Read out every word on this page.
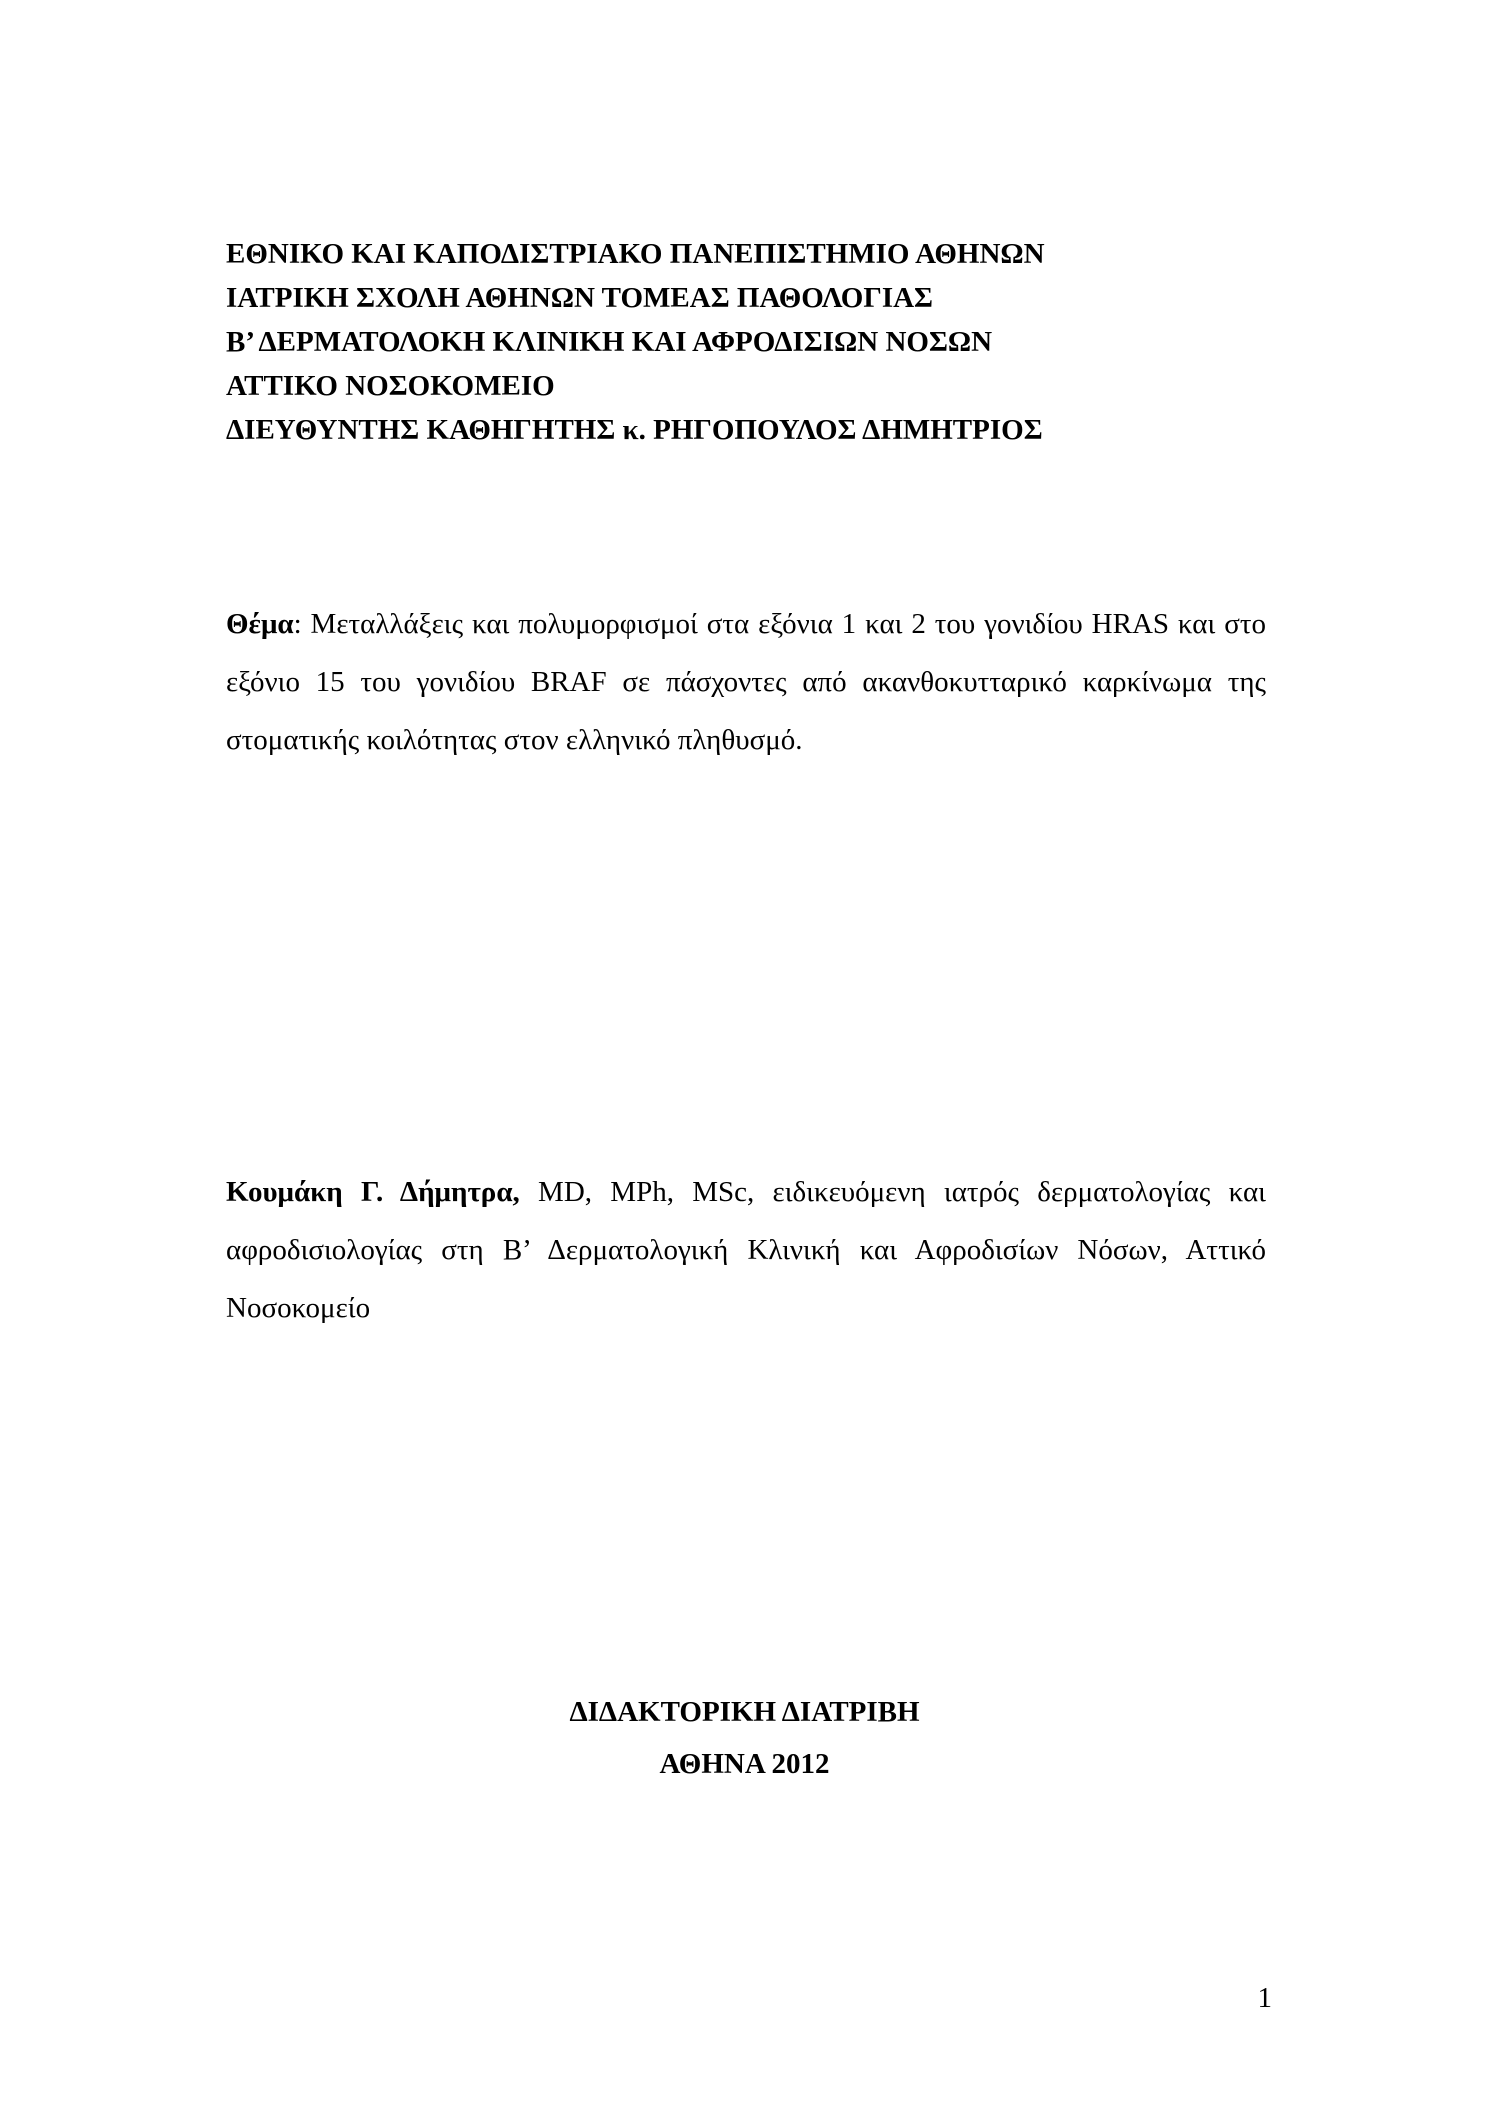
ΕΘΝΙΚΟ ΚΑΙ ΚΑΠΟΔΙΣΤΡΙΑΚΟ ΠΑΝΕΠΙΣΤΗΜΙΟ ΑΘΗΝΩΝ
ΙΑΤΡΙΚΗ ΣΧΟΛΗ ΑΘΗΝΩΝ ΤΟΜΕΑΣ ΠΑΘΟΛΟΓΙΑΣ
Β’ ΔΕΡΜΑΤΟΛΟΚΗ ΚΛΙΝΙΚΗ ΚΑΙ ΑΦΡΟΔΙΣΙΩΝ ΝΟΣΩΝ
ΑΤΤΙΚΟ ΝΟΣΟΚΟΜΕΙΟ
ΔΙΕΥΘΥΝΤΗΣ ΚΑΘΗΓΗΤΗΣ κ. ΡΗΓΟΠΟΥΛΟΣ ΔΗΜΗΤΡΙΟΣ
Θέμα: Μεταλλάξεις και πολυμορφισμοί στα εξόνια 1 και 2 του γονιδίου HRAS και στο εξόνιο 15 του γονιδίου BRAF σε πάσχοντες από ακανθοκυτταρικό καρκίνωμα της στοματικής κοιλότητας στον ελληνικό πληθυσμό.
Κουμάκη Γ. Δήμητρα, MD, MPh, MSc, ειδικευόμενη ιατρός δερματολογίας και αφροδισιολογίας στη Β’ Δερματολογική Κλινική και Αφροδισίων Νόσων, Αττικό Νοσοκομείο
ΔΙΔΑΚΤΟΡΙΚΗ ΔΙΑΤΡΙΒΗ
ΑΘΗΝΑ 2012
1
